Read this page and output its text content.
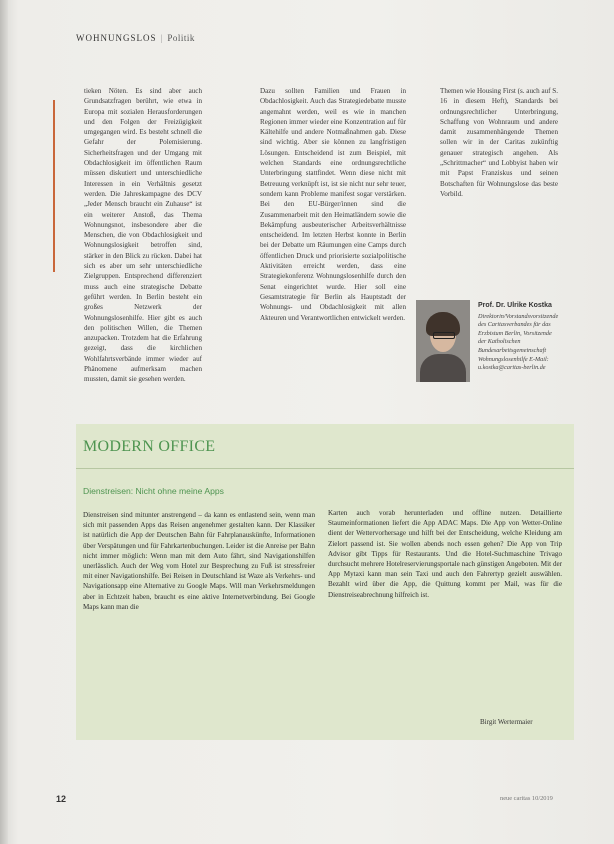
WOHNUNGSLOS | Politik

tieken Nöten. Es sind aber auch Grundsatzfragen berührt, wie etwa in Europa mit sozialen Herausforderungen und den Folgen der Freizügigkeit umgegangen wird. Es besteht schnell die Gefahr der Polemisierung. Sicherheitsfragen und der Umgang mit Obdachlosigkeit im öffentlichen Raum müssen diskutiert und unterschiedliche Interessen in ein Verhältnis gesetzt werden. Die Jahreskampagne des DCV „Jeder Mensch braucht ein Zuhause“ ist ein weiterer Anstoß, das Thema Wohnungsnot, insbesondere aber die Menschen, die von Obdachlosigkeit und Wohnungslosigkeit betroffen sind, stärker in den Blick zu rücken. Dabei hat sich es aber um sehr unterschiedliche Zielgruppen. Entsprechend differenziert muss auch eine strategische Debatte geführt werden. In Berlin besteht ein großes Netzwerk der Wohnungslosenhilfe. Hier gibt es auch den politischen Willen, die Themen anzupacken. Trotzdem hat die Erfahrung gezeigt, dass die kirchlichen Wohlfahrtsverbände immer wieder auf Phänomene aufmerksam machen mussten, damit sie gesehen werden.

Dazu sollten Familien und Frauen in Obdachlosigkeit. Auch das Strategiedebatte musste angemahnt werden, weil es wie in manchen Regionen immer wieder eine Konzentration auf für Kältehilfe und andere Notmaßnahmen gab. Diese sind wichtig. Aber sie können zu langfristigen Lösungen. Entscheidend ist zum Beispiel, mit welchen Standards eine ordnungsrechtliche Unterbringung stattfindet. Wenn diese nicht mit Betreuung verknüpft ist, ist sie nicht nur sehr teuer, sondern kann Probleme manifest sogar verstärken. Bei den EU-Bürger/innen sind die Zusammenarbeit mit den Heimatländern sowie die Bekämpfung ausbeuterischer Arbeitsverhältnisse entscheidend. Im letzten Herbst konnte in Berlin bei der Debatte um Räumungen eine Camps durch öffentlichen Druck und priorisierte sozialpolitische Aktivitäten erreicht werden, dass eine Strategiekonferenz Wohnungslosenhilfe durch den Senat eingerichtet wurde. Hier soll eine Gesamtstrategie für Berlin als Hauptstadt der Wohnungs- und Obdachlosigkeit mit allen Akteuren und Verantwortlichen entwickelt werden.

Themen wie Housing First (s. auch auf S. 16 in diesem Heft), Standards bei ordnungsrechtlicher Unterbringung, Schaffung von Wohnraum und andere damit zusammenhängende Themen sollen wir in der Caritas zukünftig genauer strategisch angehen. Als „Schrittmacher“ und Lobbyist haben wir mit Papst Franziskus und seinen Botschaften für Wohnungslose das beste Vorbild.

Prof. Dr. Ulrike Kostka
Direktorin/Vorstandsvorsitzende des Caritasverbandes für das Erzbistum Berlin, Vorsitzende der Katholischen Bundesarbeitsgemeinschaft Wohnungslosenhilfe E-Mail: u.kostka@caritas-berlin.de
MODERN OFFICE
Dienstreisen: Nicht ohne meine Apps

Dienstreisen sind mitunter anstrengend – da kann es entlastend sein, wenn man sich mit passenden Apps das Reisen angenehmer gestalten kann. Der Klassiker ist natürlich die App der Deutschen Bahn für Fahrplanauskünfte, Informationen über Verspätungen und für Fahrkartenbuchungen. Leider ist die Anreise per Bahn nicht immer möglich: Wenn man mit dem Auto fährt, sind Navigationshilfen unerlässlich. Auch der Weg vom Hotel zur Besprechung zu Fuß ist stressfreier mit einer Navigationshilfe. Bei Reisen in Deutschland ist Waze als Verkehrs- und Navigationsapp eine Alternative zu Google Maps. Will man Verkehrsmeldungen aber in Echtzeit haben, braucht es eine aktive Internetverbindung. Bei Google Maps kann man die

Karten auch vorab herunterladen und offline nutzen. Detaillierte Staumeinformationen liefert die App ADAC Maps. Die App von Wetter-Online dient der Wettervorhersage und hilft bei der Entscheidung, welche Kleidung am Zielort passend ist. Sie wollen abends noch essen gehen? Die App von Trip Advisor gibt Tipps für Restaurants. Und die Hotel-Suchmaschine Trivago durchsucht mehrere Hotelreservierungsportale nach günstigen Angeboten. Mit der App Mytaxi kann man sein Taxi und auch den Fahrertyp gezielt auswählen. Bezahlt wird über die App, die Quittung kommt per Mail, was für die Dienstreiseabrechnung hilfreich ist.

Birgit Wertermaier
12	neue caritas 10/2019
